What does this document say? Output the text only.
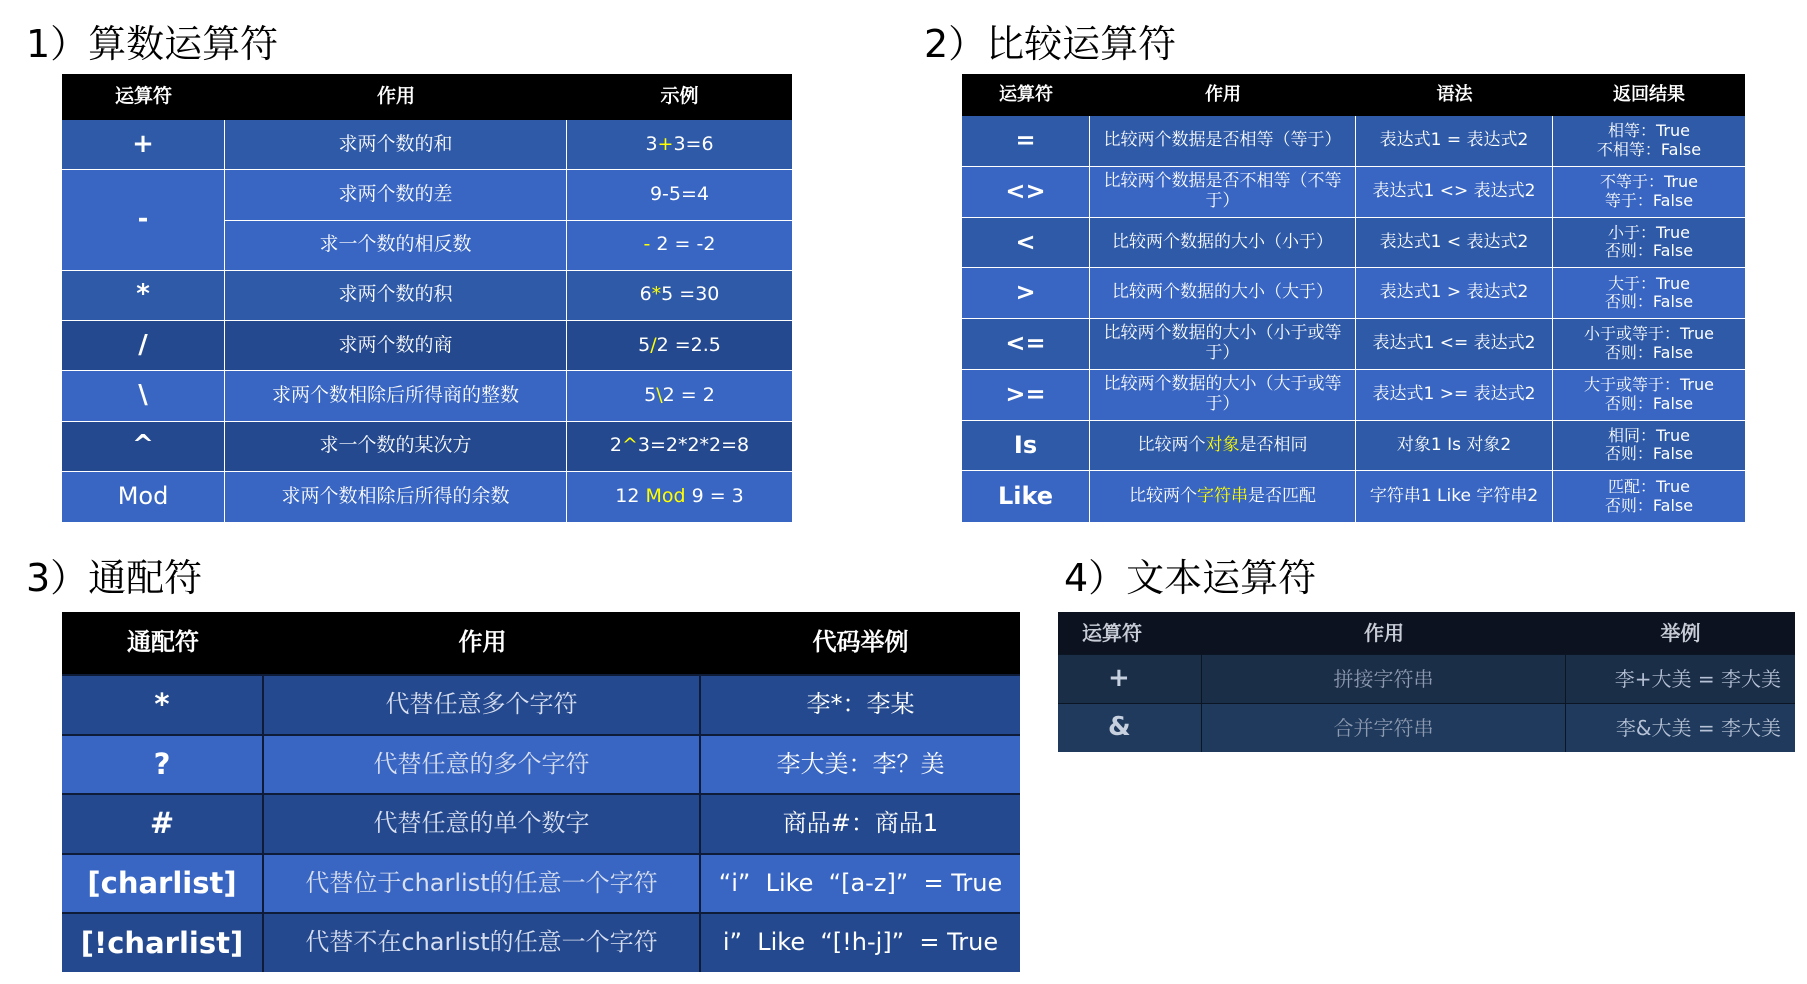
1）算数运算符	2）比较运算符
3）通配符	4）文本运算符
运算符	作用	示例
+	求两个数的和	3+3=6
-
求两个数的差	9-5=4
求一个数的相反数	- 2 = -2
*	求两个数的积	6*5 =30
/	求两个数的商	5/2 =2.5
\	求两个数相除后所得商的整数	5\2 = 2
^	求一个数的某次方	2^3=2*2*2=8
Mod	求两个数相除后所得的余数	12 Mod 9 = 3
运算符	作用	语法	返回结果
=	比较两个数据是否相等（等于）	表达式1 = 表达式2	相等：True
不相等：False
<>	比较两个数据是否不相等（不等于）	表达式1 <> 表达式2	不等于：True
等于：False
<	比较两个数据的大小（小于）	表达式1 < 表达式2	小于：True
否则：False
>	比较两个数据的大小（大于）	表达式1 > 表达式2	大于：True
否则：False
<=	比较两个数据的大小（小于或等于）	表达式1 <= 表达式2	小于或等于：True
否则：False
>=	比较两个数据的大小（大于或等于）	表达式1 >= 表达式2	大于或等于：True
否则：False
Is	比较两个对象是否相同	对象1 Is 对象2	相同：True
否则：False
Like	比较两个字符串是否匹配	字符串1 Like 字符串2	匹配：True
否则：False
通配符	作用	代码举例
*	代替任意多个字符	李*：李某
?	代替任意的多个字符	李大美：李？美
#	代替任意的单个数字	商品#：商品1
[charlist]	代替位于charlist的任意一个字符	“i”  Like  “[a-z]”  = True
[!charlist]	代替不在charlist的任意一个字符	i”  Like  “[!h-j]”  = True
运算符	作用	举例
+	拼接字符串	李+大美 = 李大美
&	合并字符串	李&大美 = 李大美
